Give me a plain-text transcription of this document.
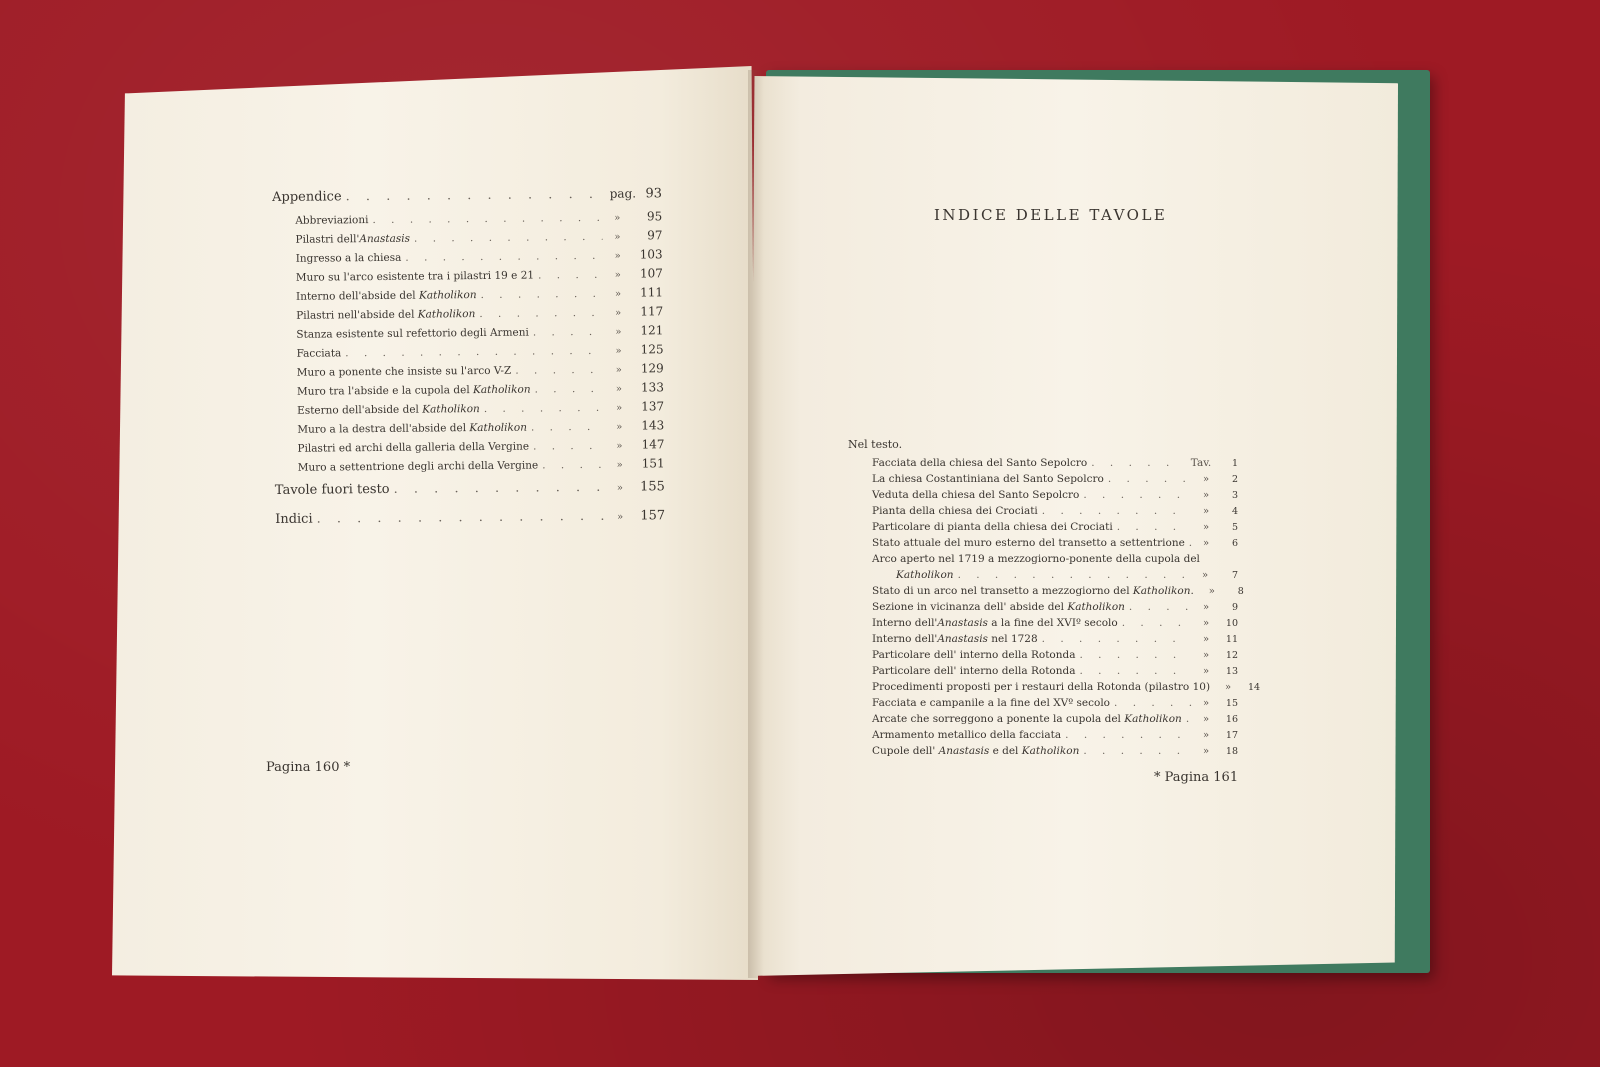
Appendice . . .	pag. 93
Abbreviazioni . . .	»	95
Pilastri dell'Anastasis . . .	»	97
Ingresso a la chiesa . . .	»	103
Muro su l'arco esistente tra i pilastri 19 e 21 . . .	»	107
Interno dell'abside del Katholikon . . .	»	111
Pilastri nell'abside del Katholikon . . .	»	117
Stanza esistente sul refettorio degli Armeni . . .	»	121
Facciata . . .	»	125
Muro a ponente che insiste su l'arco V-Z . . .	»	129
Muro tra l'abside e la cupola del Katholikon . . .	»	133
Esterno dell'abside del Katholikon . . .	»	137
Muro a la destra dell'abside del Katholikon . . .	»	143
Pilastri ed archi della galleria della Vergine . . .	»	147
Muro a settentrione degli archi della Vergine . . .	»	151
Tavole fuori testo . . .	»	155
Indici . . .	»	157
Pagina 160 *
INDICE DELLE TAVOLE
Nel testo.
Facciata della chiesa del Santo Sepolcro . . .	Tav.	1
La chiesa Costantiniana del Santo Sepolcro . . .	»	2
Veduta della chiesa del Santo Sepolcro . . .	»	3
Pianta della chiesa dei Crociati . . .	»	4
Particolare di pianta della chiesa dei Crociati . . .	»	5
Stato attuale del muro esterno del transetto a settentrione . . .	»	6
Arco aperto nel 1719 a mezzogiorno-ponente della cupola del
Katholikon . . .	»	7
Stato di un arco nel transetto a mezzogiorno del Katholikon.	»	8
Sezione in vicinanza dell' abside del Katholikon . . .	»	9
Interno dell'Anastasis a la fine del XVIº secolo . . .	»	10
Interno dell'Anastasis nel 1728 . . .	»	11
Particolare dell' interno della Rotonda . . .	»	12
Particolare dell' interno della Rotonda . . .	»	13
Procedimenti proposti per i restauri della Rotonda (pilastro 10)	»	14
Facciata e campanile a la fine del XVº secolo . . .	»	15
Arcate che sorreggono a ponente la cupola del Katholikon . . .	»	16
Armamento metallico della facciata . . .	»	17
Cupole dell' Anastasis e del Katholikon . . .	»	18
* Pagina 161
